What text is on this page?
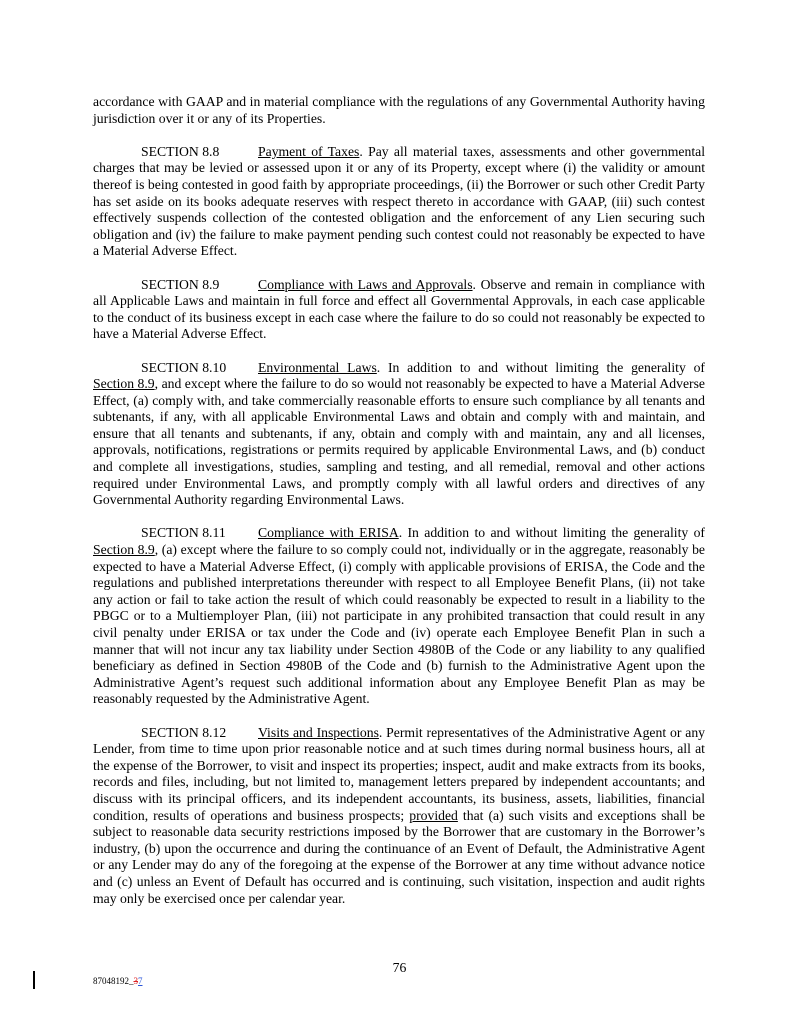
accordance with GAAP and in material compliance with the regulations of any Governmental Authority having jurisdiction over it or any of its Properties.

SECTION 8.8	Payment of Taxes. Pay all material taxes, assessments and other governmental charges that may be levied or assessed upon it or any of its Property, except where (i) the validity or amount thereof is being contested in good faith by appropriate proceedings, (ii) the Borrower or such other Credit Party has set aside on its books adequate reserves with respect thereto in accordance with GAAP, (iii) such contest effectively suspends collection of the contested obligation and the enforcement of any Lien securing such obligation and (iv) the failure to make payment pending such contest could not reasonably be expected to have a Material Adverse Effect.

SECTION 8.9	Compliance with Laws and Approvals. Observe and remain in compliance with all Applicable Laws and maintain in full force and effect all Governmental Approvals, in each case applicable to the conduct of its business except in each case where the failure to do so could not reasonably be expected to have a Material Adverse Effect.

SECTION 8.10 Environmental Laws. In addition to and without limiting the generality of Section 8.9, and except where the failure to do so would not reasonably be expected to have a Material Adverse Effect, (a) comply with, and take commercially reasonable efforts to ensure such compliance by all tenants and subtenants, if any, with all applicable Environmental Laws and obtain and comply with and maintain, and ensure that all tenants and subtenants, if any, obtain and comply with and maintain, any and all licenses, approvals, notifications, registrations or permits required by applicable Environmental Laws, and (b) conduct and complete all investigations, studies, sampling and testing, and all remedial, removal and other actions required under Environmental Laws, and promptly comply with all lawful orders and directives of any Governmental Authority regarding Environmental Laws.

SECTION 8.11 Compliance with ERISA. In addition to and without limiting the generality of Section 8.9, (a) except where the failure to so comply could not, individually or in the aggregate, reasonably be expected to have a Material Adverse Effect, (i) comply with applicable provisions of ERISA, the Code and the regulations and published interpretations thereunder with respect to all Employee Benefit Plans, (ii) not take any action or fail to take action the result of which could reasonably be expected to result in a liability to the PBGC or to a Multiemployer Plan, (iii) not participate in any prohibited transaction that could result in any civil penalty under ERISA or tax under the Code and (iv) operate each Employee Benefit Plan in such a manner that will not incur any tax liability under Section 4980B of the Code or any liability to any qualified beneficiary as defined in Section 4980B of the Code and (b) furnish to the Administrative Agent upon the Administrative Agent’s request such additional information about any Employee Benefit Plan as may be reasonably requested by the Administrative Agent.

SECTION 8.12 Visits and Inspections. Permit representatives of the Administrative Agent or any Lender, from time to time upon prior reasonable notice and at such times during normal business hours, all at the expense of the Borrower, to visit and inspect its properties; inspect, audit and make extracts from its books, records and files, including, but not limited to, management letters prepared by independent accountants; and discuss with its principal officers, and its independent accountants, its business, assets, liabilities, financial condition, results of operations and business prospects; provided that (a) such visits and exceptions shall be subject to reasonable data security restrictions imposed by the Borrower that are customary in the Borrower’s industry, (b) upon the occurrence and during the continuance of an Event of Default, the Administrative Agent or any Lender may do any of the foregoing at the expense of the Borrower at any time without advance notice and (c) unless an Event of Default has occurred and is continuing, such visitation, inspection and audit rights may only be exercised once per calendar year.

76
87048192_37
